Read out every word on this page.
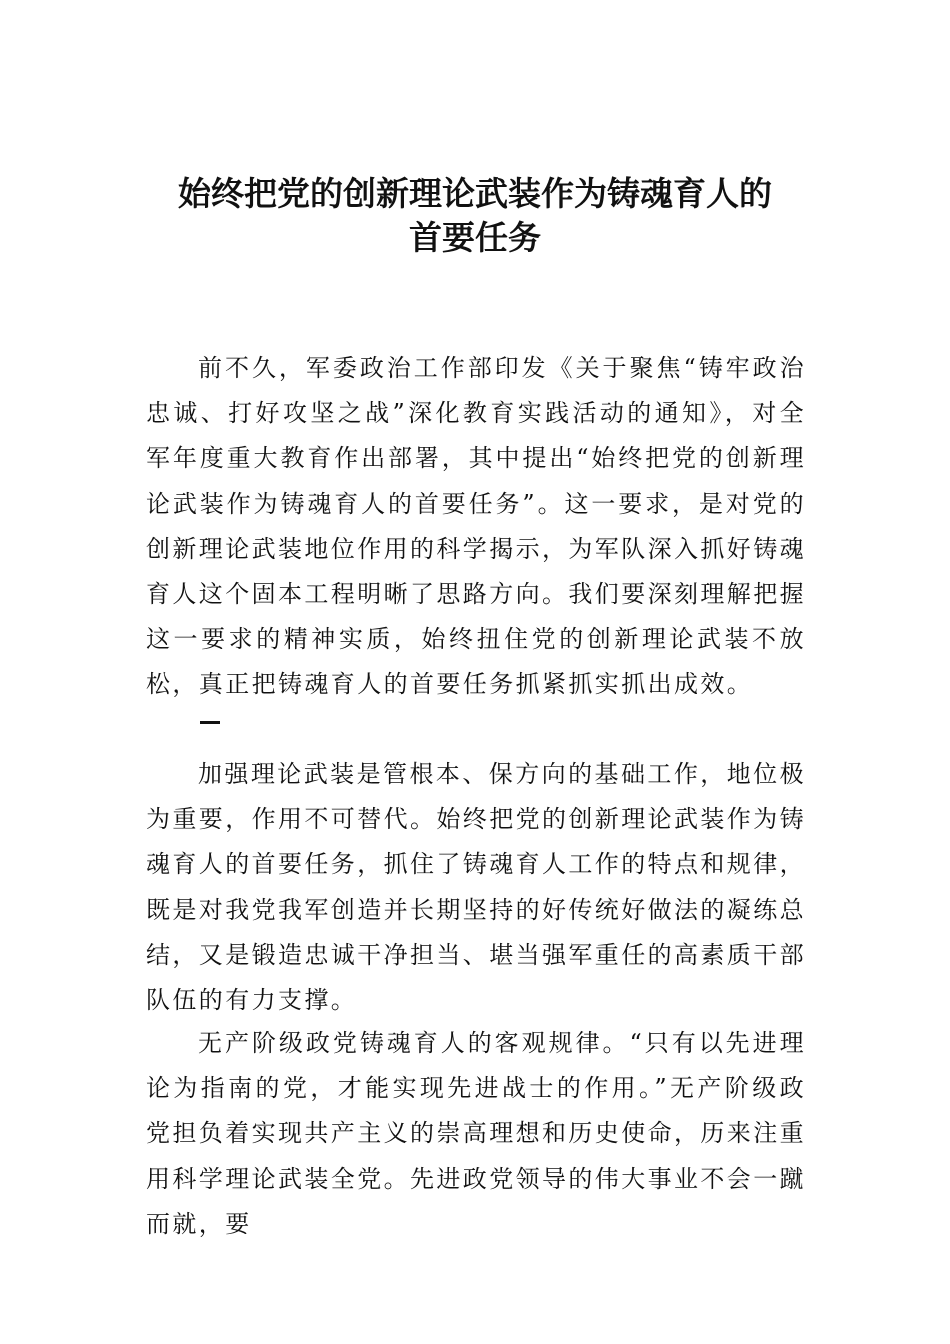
始终把党的创新理论武装作为铸魂育人的
首要任务

前不久，军委政治工作部印发《关于聚焦“铸牢政治忠诚、打好攻坚之战”深化教育实践活动的通知》，对全军年度重大教育作出部署，其中提出“始终把党的创新理论武装作为铸魂育人的首要任务”。这一要求，是对党的创新理论武装地位作用的科学揭示，为军队深入抓好铸魂育人这个固本工程明晰了思路方向。我们要深刻理解把握这一要求的精神实质，始终扭住党的创新理论武装不放松，真正把铸魂育人的首要任务抓紧抓实抓出成效。

加强理论武装是管根本、保方向的基础工作，地位极为重要，作用不可替代。始终把党的创新理论武装作为铸魂育人的首要任务，抓住了铸魂育人工作的特点和规律，既是对我党我军创造并长期坚持的好传统好做法的凝练总结，又是锻造忠诚干净担当、堪当强军重任的高素质干部队伍的有力支撑。

无产阶级政党铸魂育人的客观规律。“只有以先进理论为指南的党，才能实现先进战士的作用。”无产阶级政党担负着实现共产主义的崇高理想和历史使命，历来注重用科学理论武装全党。先进政党领导的伟大事业不会一蹴而就，要
